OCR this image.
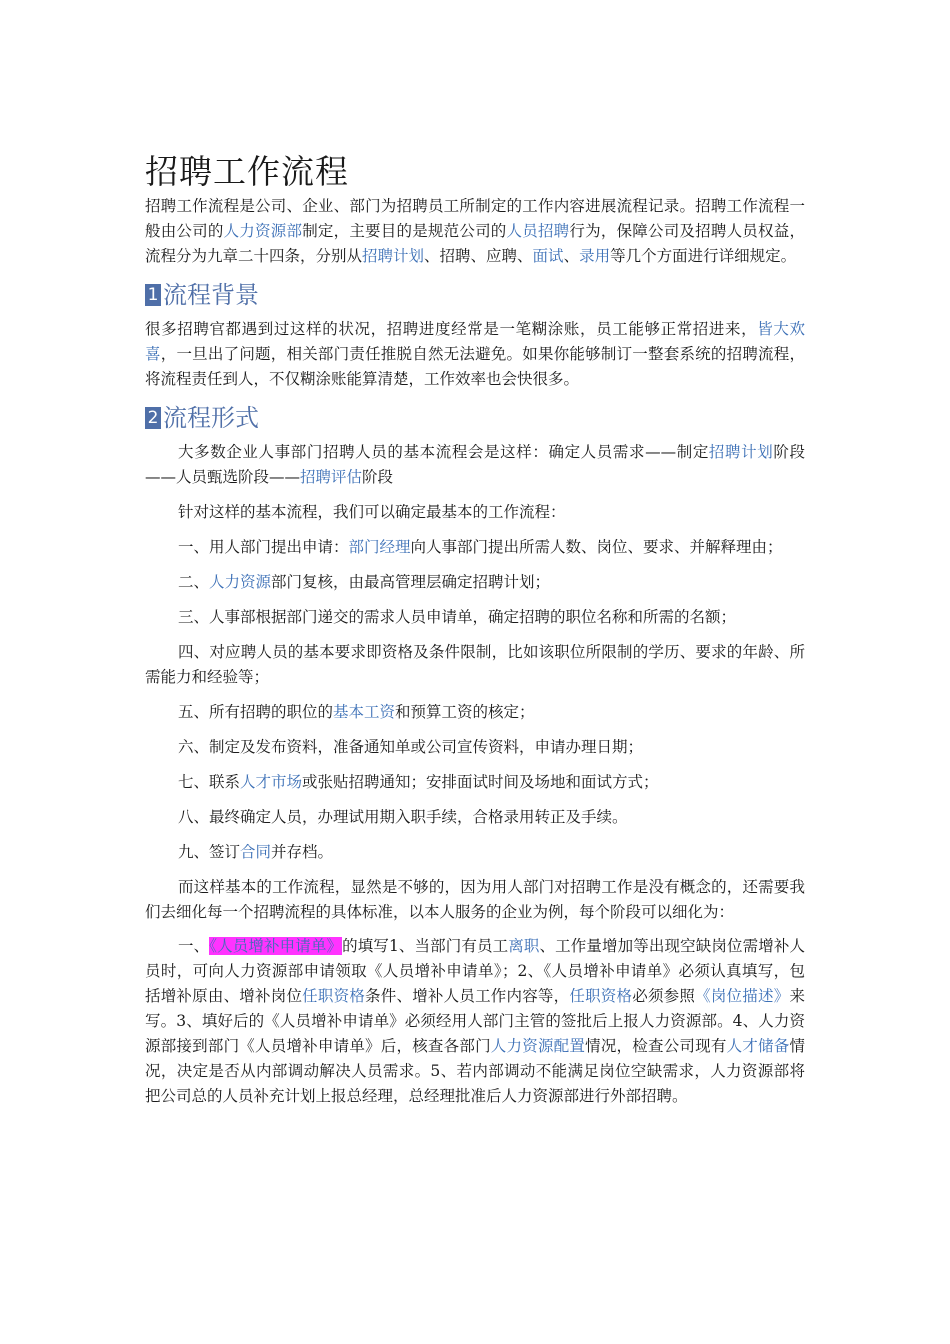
招聘工作流程

招聘工作流程是公司、企业、部门为招聘员工所制定的工作内容进展流程记录。招聘工作流程一般由公司的人力资源部制定，主要目的是规范公司的人员招聘行为，保障公司及招聘人员权益，流程分为九章二十四条，分别从招聘计划、招聘、应聘、面试、录用等几个方面进行详细规定。

1 流程背景

很多招聘官都遇到过这样的状况，招聘进度经常是一笔糊涂账，员工能够正常招进来，皆大欢喜，一旦出了问题，相关部门责任推脱自然无法避免。如果你能够制订一整套系统的招聘流程，将流程责任到人，不仅糊涂账能算清楚，工作效率也会快很多。

2 流程形式

大多数企业人事部门招聘人员的基本流程会是这样：确定人员需求——制定招聘计划阶段——人员甄选阶段——招聘评估阶段

针对这样的基本流程，我们可以确定最基本的工作流程：

一、用人部门提出申请：部门经理向人事部门提出所需人数、岗位、要求、并解释理由；

二、人力资源部门复核，由最高管理层确定招聘计划；

三、人事部根据部门递交的需求人员申请单，确定招聘的职位名称和所需的名额；

四、对应聘人员的基本要求即资格及条件限制，比如该职位所限制的学历、要求的年龄、所需能力和经验等；

五、所有招聘的职位的基本工资和预算工资的核定；

六、制定及发布资料，准备通知单或公司宣传资料，申请办理日期；

七、联系人才市场或张贴招聘通知；安排面试时间及场地和面试方式；

八、最终确定人员，办理试用期入职手续，合格录用转正及手续。

九、签订合同并存档。

而这样基本的工作流程，显然是不够的，因为用人部门对招聘工作是没有概念的，还需要我们去细化每一个招聘流程的具体标准，以本人服务的企业为例，每个阶段可以细化为：

一、《人员增补申请单》的填写1、当部门有员工离职、工作量增加等出现空缺岗位需增补人员时，可向人力资源部申请领取《人员增补申请单》；2、《人员增补申请单》必须认真填写，包括增补原由、增补岗位任职资格条件、增补人员工作内容等，任职资格必须参照《岗位描述》来写。3、填好后的《人员增补申请单》必须经用人部门主管的签批后上报人力资源部。4、人力资源部接到部门《人员增补申请单》后，核查各部门人力资源配置情况，检查公司现有人才储备情况，决定是否从内部调动解决人员需求。5、若内部调动不能满足岗位空缺需求，人力资源部将把公司总的人员补充计划上报总经理，总经理批准后人力资源部进行外部招聘。
